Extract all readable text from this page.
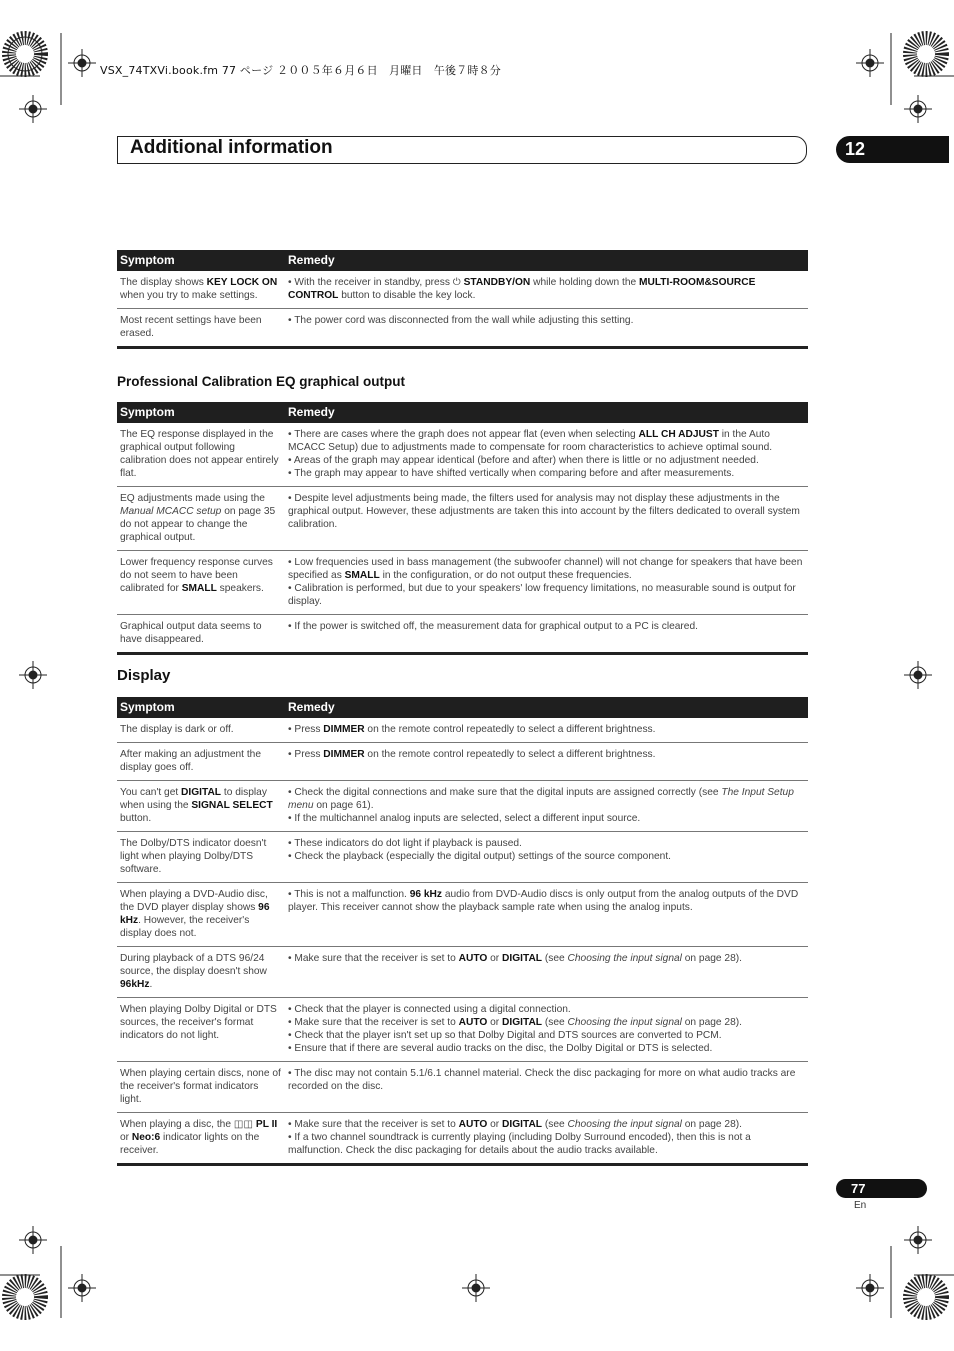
VSX_74TXVi.book.fm 77 ページ ２００５年６月６日　月曜日　午後７時８分
Additional information	12
Symptom	Remedy
The display shows KEY LOCK ON when you try to make settings.	• With the receiver in standby, press ⏻ STANDBY/ON while holding down the MULTI-ROOM&SOURCE CONTROL button to disable the key lock.

Most recent settings have been erased.	• The power cord was disconnected from the wall while adjusting this setting.
Professional Calibration EQ graphical output
Symptom	Remedy
The EQ response displayed in the graphical output following calibration does not appear entirely flat.	• There are cases where the graph does not appear flat (even when selecting ALL CH ADJUST in the Auto MCACC Setup) due to adjustments made to compensate for room characteristics to achieve optimal sound.
• Areas of the graph may appear identical (before and after) when there is little or no adjustment needed.
• The graph may appear to have shifted vertically when comparing before and after measurements.

EQ adjustments made using the Manual MCACC setup on page 35 do not appear to change the graphical output.	• Despite level adjustments being made, the filters used for analysis may not display these adjustments in the graphical output. However, these adjustments are taken this into account by the filters dedicated to overall system calibration.

Lower frequency response curves do not seem to have been calibrated for SMALL speakers.	• Low frequencies used in bass management (the subwoofer channel) will not change for speakers that have been specified as SMALL in the configuration, or do not output these frequencies.
• Calibration is performed, but due to your speakers' low frequency limitations, no measurable sound is output for display.

Graphical output data seems to have disappeared.	• If the power is switched off, the measurement data for graphical output to a PC is cleared.
Display
Symptom	Remedy
The display is dark or off.	• Press DIMMER on the remote control repeatedly to select a different brightness.

After making an adjustment the display goes off.	• Press DIMMER on the remote control repeatedly to select a different brightness.

You can't get DIGITAL to display when using the SIGNAL SELECT button.	• Check the digital connections and make sure that the digital inputs are assigned correctly (see The Input Setup menu on page 61).
• If the multichannel analog inputs are selected, select a different input source.

The Dolby/DTS indicator doesn't light when playing Dolby/DTS software.	• These indicators do dot light if playback is paused.
• Check the playback (especially the digital output) settings of the source component.

When playing a DVD-Audio disc, the DVD player display shows 96 kHz. However, the receiver's display does not.	• This is not a malfunction. 96 kHz audio from DVD-Audio discs is only output from the analog outputs of the DVD player. This receiver cannot show the playback sample rate when using the analog inputs.

During playback of a DTS 96/24 source, the display doesn't show 96kHz.	• Make sure that the receiver is set to AUTO or DIGITAL (see Choosing the input signal on page 28).

When playing Dolby Digital or DTS sources, the receiver's format indicators do not light.	• Check that the player is connected using a digital connection.
• Make sure that the receiver is set to AUTO or DIGITAL (see Choosing the input signal on page 28).
• Check that the player isn't set up so that Dolby Digital and DTS sources are converted to PCM.
• Ensure that if there are several audio tracks on the disc, the Dolby Digital or DTS is selected.

When playing certain discs, none of the receiver's format indicators light.	• The disc may not contain 5.1/6.1 channel material. Check the disc packaging for more on what audio tracks are recorded on the disc.

When playing a disc, the ◫◫ PL II or Neo:6 indicator lights on the receiver.	• Make sure that the receiver is set to AUTO or DIGITAL (see Choosing the input signal on page 28).
• If a two channel soundtrack is currently playing (including Dolby Surround encoded), then this is not a malfunction. Check the disc packaging for details about the audio tracks available.
77
En
